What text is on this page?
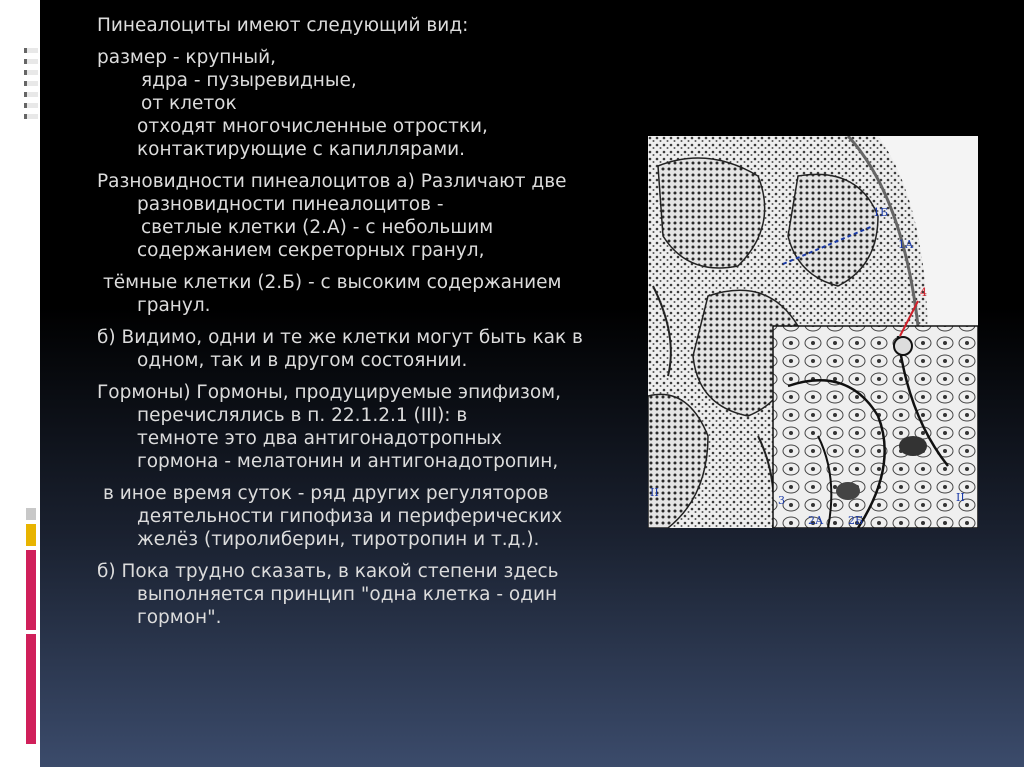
Пинеалоциты имеют следующий вид:

размер - крупный,

ядра - пузыревидные,

от клеток

отходят многочисленные отростки,

контактирующие с капиллярами.

Разновидности пинеалоцитов а) Различают две

разновидности пинеалоцитов -

светлые клетки (2.А) - с небольшим

содержанием секреторных гранул,

тёмные клетки (2.Б) - с высоким содержанием

гранул.

б) Видимо, одни и те же клетки могут быть как в

одном, так и в другом состоянии.

Гормоны) Гормоны, продуцируемые эпифизом,

перечислялись в п. 22.1.2.1 (III): в

темноте это два антигонадотропных

гормона - мелатонин и антигонадотропин,

в иное время суток - ряд других регуляторов

деятельности гипофиза и периферических

желёз (тиролиберин, тиротропин и т.д.).

б) Пока трудно сказать, в какой степени здесь

выполняется принцип "одна клетка - один

гормон".

1Б
1А
4
3
2А 2Б
II	II
